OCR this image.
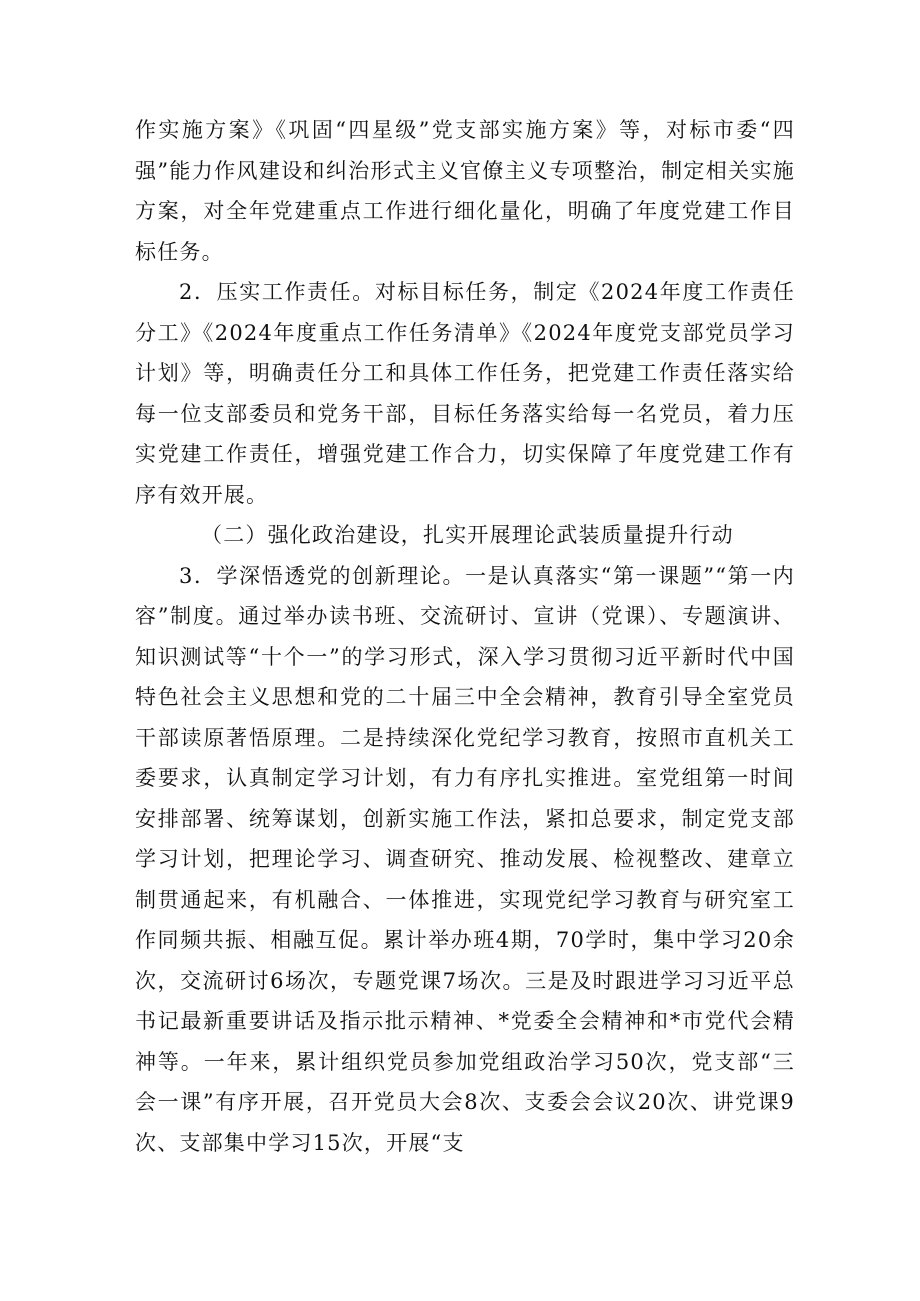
作实施方案》《巩固“四星级”党支部实施方案》等，对标市委“四强”能力作风建设和纠治形式主义官僚主义专项整治，制定相关实施方案，对全年党建重点工作进行细化量化，明确了年度党建工作目标任务。

2．压实工作责任。对标目标任务，制定《2024年度工作责任分工》《2024年度重点工作任务清单》《2024年度党支部党员学习计划》等，明确责任分工和具体工作任务，把党建工作责任落实给每一位支部委员和党务干部，目标任务落实给每一名党员，着力压实党建工作责任，增强党建工作合力，切实保障了年度党建工作有序有效开展。

（二）强化政治建设，扎实开展理论武装质量提升行动

3．学深悟透党的创新理论。一是认真落实“第一课题”“第一内容”制度。通过举办读书班、交流研讨、宣讲（党课）、专题演讲、知识测试等“十个一”的学习形式，深入学习贯彻习近平新时代中国特色社会主义思想和党的二十届三中全会精神，教育引导全室党员干部读原著悟原理。二是持续深化党纪学习教育，按照市直机关工委要求，认真制定学习计划，有力有序扎实推进。室党组第一时间安排部署、统筹谋划，创新实施工作法，紧扣总要求，制定党支部学习计划，把理论学习、调查研究、推动发展、检视整改、建章立制贯通起来，有机融合、一体推进，实现党纪学习教育与研究室工作同频共振、相融互促。累计举办班4期，70学时，集中学习20余次，交流研讨6场次，专题党课7场次。三是及时跟进学习习近平总书记最新重要讲话及指示批示精神、*党委全会精神和*市党代会精神等。一年来，累计组织党员参加党组政治学习50次，党支部“三会一课”有序开展，召开党员大会8次、支委会会议20次、讲党课9次、支部集中学习15次，开展“支
